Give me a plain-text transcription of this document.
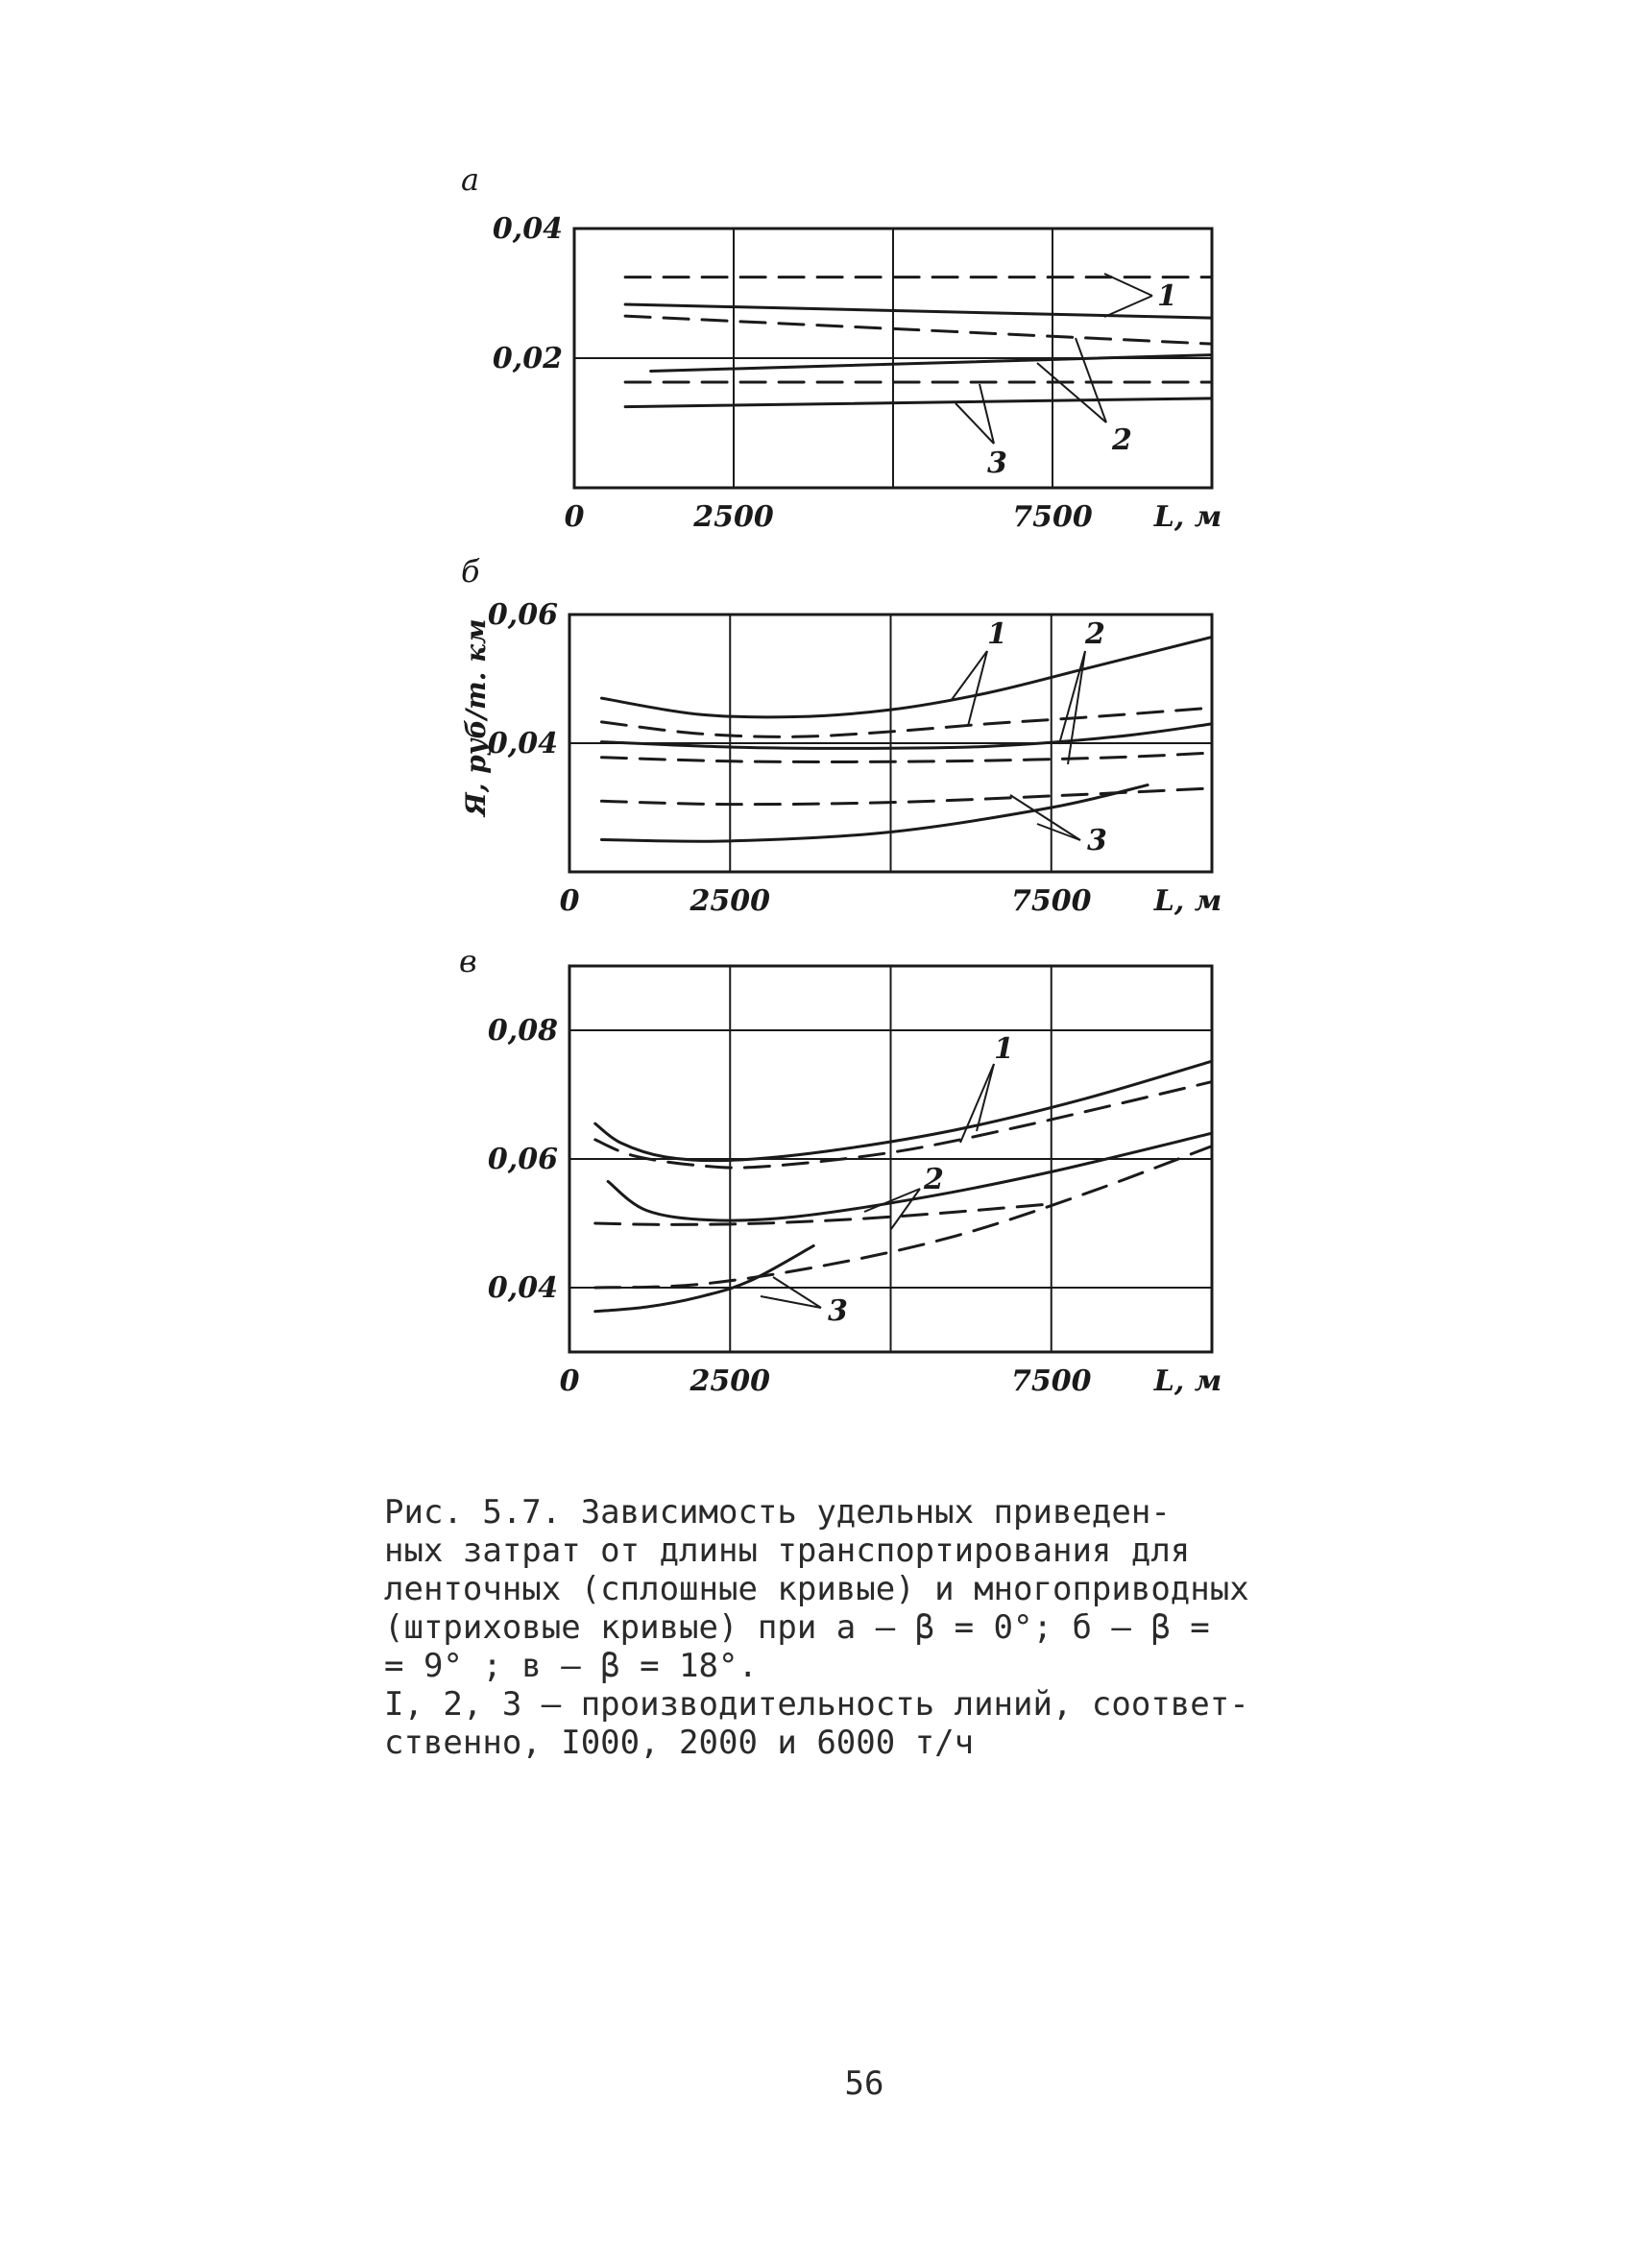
0,02
0,04
0	2500	7500 L, м
а
1
2
3
0,04
0,06
0	2500	7500 L, м
б
Я, руб/т. км	1	2
3
0,04
0,06
0,08
0	2500	7500 L, м
в
1
2
3
Рис. 5.7. Зависимость удельных приведен-
ных затрат от длины транспортирования для
ленточных (сплошные кривые) и многоприводных
(штриховые кривые) при а – β = 0°; б – β =
= 9° ; в – β = 18°.
I, 2, 3 – производительность линий, соответ-
ственно, I000, 2000 и 6000 т/ч
56
